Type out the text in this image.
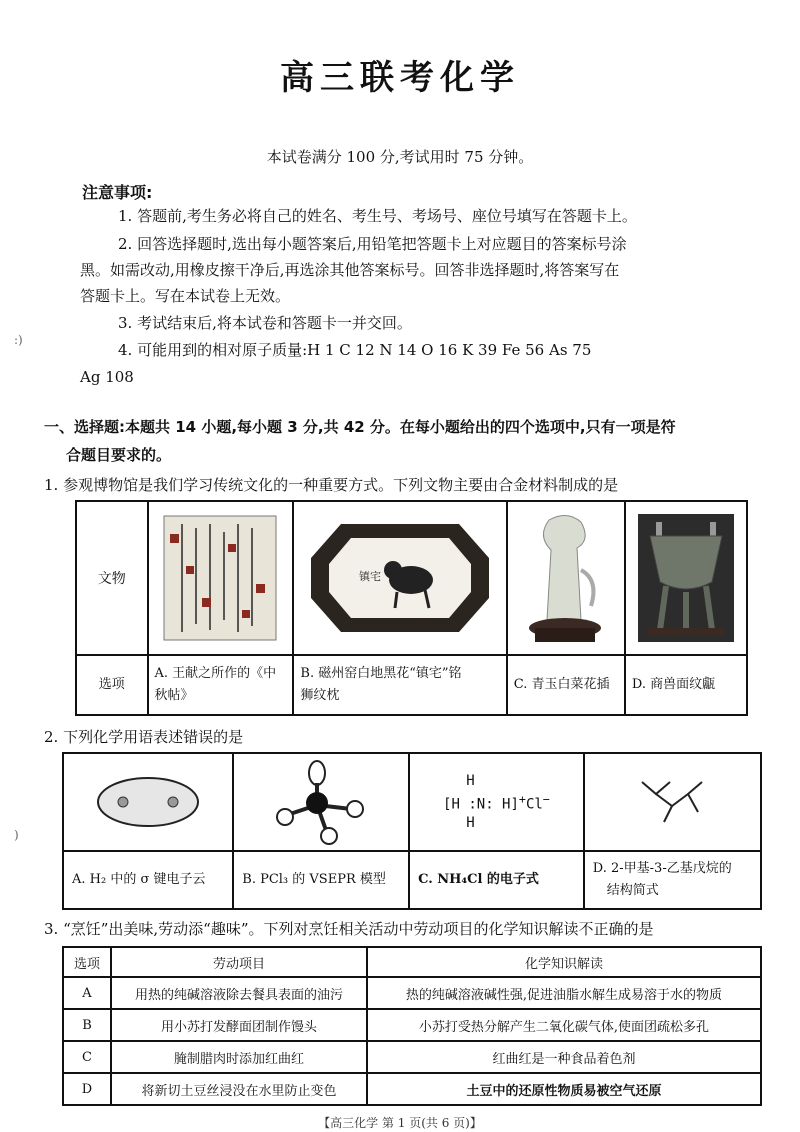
高三联考化学
本试卷满分 100 分,考试用时 75 分钟。
注意事项:
1. 答题前,考生务必将自己的姓名、考生号、考场号、座位号填写在答题卡上。
2. 回答选择题时,选出每小题答案后,用铅笔把答题卡上对应题目的答案标号涂
黑。如需改动,用橡皮擦干净后,再选涂其他答案标号。回答非选择题时,将答案写在
答题卡上。写在本试卷上无效。
3. 考试结束后,将本试卷和答题卡一并交回。
4. 可能用到的相对原子质量:H 1 C 12 N 14 O 16 K 39 Fe 56 As 75
Ag 108
:)
)
一、选择题:本题共 14 小题,每小题 3 分,共 42 分。在每小题给出的四个选项中,只有一项是符
合题目要求的。
1. 参观博物馆是我们学习传统文化的一种重要方式。下列文物主要由合金材料制成的是
文物		镇宅

选项	A. 王献之所作的《中
秋帖》	B. 磁州窑白地黑花“镇宅”铭
狮纹枕	C. 青玉白菜花插	D. 商兽面纹甗
2. 下列化学用语表述错误的是

H
[H :N: H]+Cl−
H

A. H₂ 中的 σ 键电子云	B. PCl₃ 的 VSEPR 模型	C. NH₄Cl 的电子式	D. 2-甲基-3-乙基戊烷的
结构简式
3. “烹饪”出美味,劳动添“趣味”。下列对烹饪相关活动中劳动项目的化学知识解读不正确的是
选项	劳动项目	化学知识解读
A	用热的纯碱溶液除去餐具表面的油污	热的纯碱溶液碱性强,促进油脂水解生成易溶于水的物质
B	用小苏打发酵面团制作馒头	小苏打受热分解产生二氧化碳气体,使面团疏松多孔
C	腌制腊肉时添加红曲红	红曲红是一种食品着色剂
D	将新切土豆丝浸没在水里防止变色	土豆中的还原性物质易被空气还原
【高三化学 第 1 页(共 6 页)】
